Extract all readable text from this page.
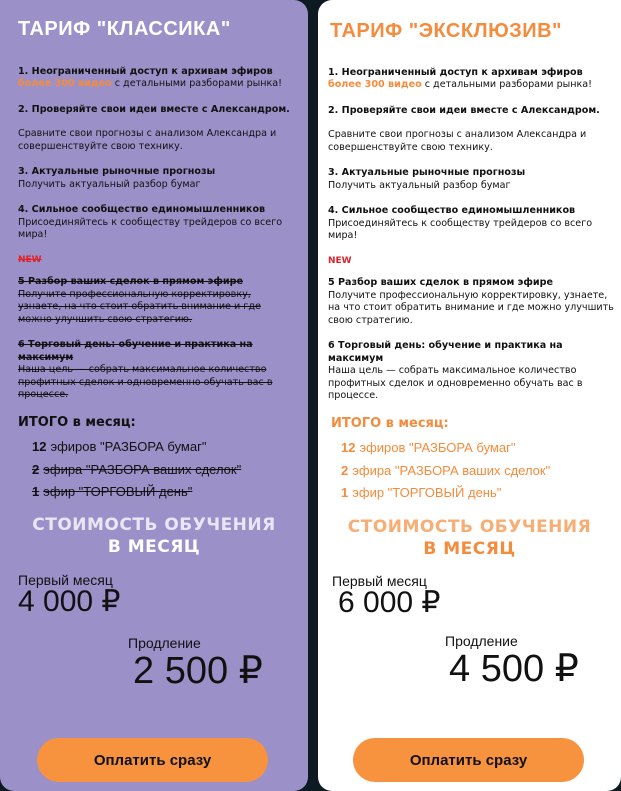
ТАРИФ "КЛАССИКА"

1. Неограниченный доступ к архивам эфиров
более 300 видео с детальными разборами рынка!

2. Проверяйте свои идеи вместе с Александром.

Сравните свои прогнозы с анализом Александра и совершенствуйте свою технику.

3. Актуальные рыночные прогнозы
Получить актуальный разбор бумаг

4. Сильное сообщество единомышленников
Присоединяйтесь к сообществу трейдеров со всего мира!

NEW

5 Разбор ваших сделок в прямом эфире
Получите профессиональную корректировку, узнаете, на что стоит обратить внимание и где можно улучшить свою стратегию.

6 Торговый день: обучение и практика на максимум
Наша цель — собрать максимальное количество профитных сделок и одновременно обучать вас в процессе.

ИТОГО в месяц:

12 эфиров "РАЗБОРА бумаг"
2 эфира "РАЗБОРА ваших сделок"
1 эфир "ТОРГОВЫЙ день"
СТОИМОСТЬ ОБУЧЕНИЯ
В МЕСЯЦ
Первый месяц
4 000 ₽
Продление
2 500 ₽
Оплатить сразу
ТАРИФ "ЭКСКЛЮЗИВ"

1. Неограниченный доступ к архивам эфиров
более 300 видео с детальными разборами рынка!

2. Проверяйте свои идеи вместе с Александром.

Сравните свои прогнозы с анализом Александра и совершенствуйте свою технику.

3. Актуальные рыночные прогнозы
Получить актуальный разбор бумаг

4. Сильное сообщество единомышленников
Присоединяйтесь к сообществу трейдеров со всего мира!

NEW

5 Разбор ваших сделок в прямом эфире
Получите профессиональную корректировку, узнаете, на что стоит обратить внимание и где можно улучшить свою стратегию.

6 Торговый день: обучение и практика на максимум
Наша цель — собрать максимальное количество профитных сделок и одновременно обучать вас в процессе.

ИТОГО в месяц:

12 эфиров "РАЗБОРА бумаг"
2 эфира "РАЗБОРА ваших сделок"
1 эфир "ТОРГОВЫЙ день"
СТОИМОСТЬ ОБУЧЕНИЯ
В МЕСЯЦ
Первый месяц
6 000 ₽
Продление
4 500 ₽
Оплатить сразу
